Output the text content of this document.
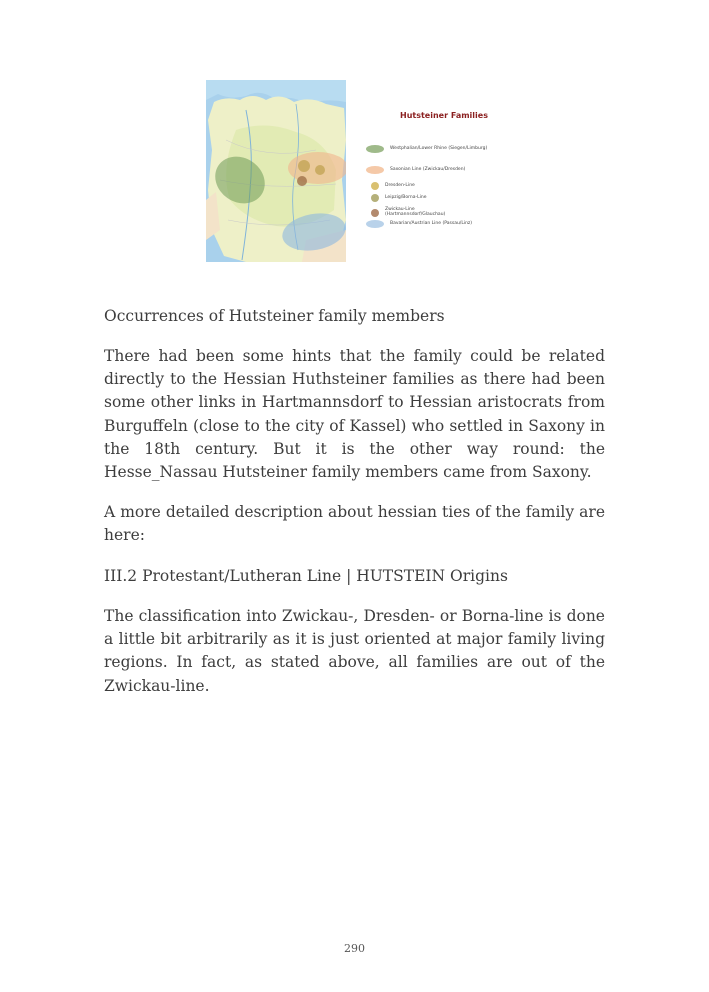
Hutsteiner Families
Westphalian/Lower Rhine (Siegen/Limburg)
Saxonian Line (Zwickau/Dresden)
Dresden-Line
Leipzig/Borna-Line
Zwickau-Line
(Hartmannsdorf/Glauchau)
Bavarian/Austrian Line (Passau/Linz)

Occurrences of Hutsteiner family members

There had been some hints that the family could be related directly to the Hessian Huthsteiner families as there had been some other links in Hartmannsdorf to Hessian aristocrats from Burguffeln (close to the city of Kassel) who settled in Saxony in the 18th century. But it is the other way round: the Hesse_Nassau Hutsteiner family members came from Saxony.

A more detailed description about hessian ties of the family are here:

III.2 Protestant/Lutheran Line | HUTSTEIN Origins

The classification into Zwickau-, Dresden- or Borna-line is done a little bit arbitrarily as it is just oriented at major family living regions. In fact, as stated above, all families are out of the Zwickau-line.

290
